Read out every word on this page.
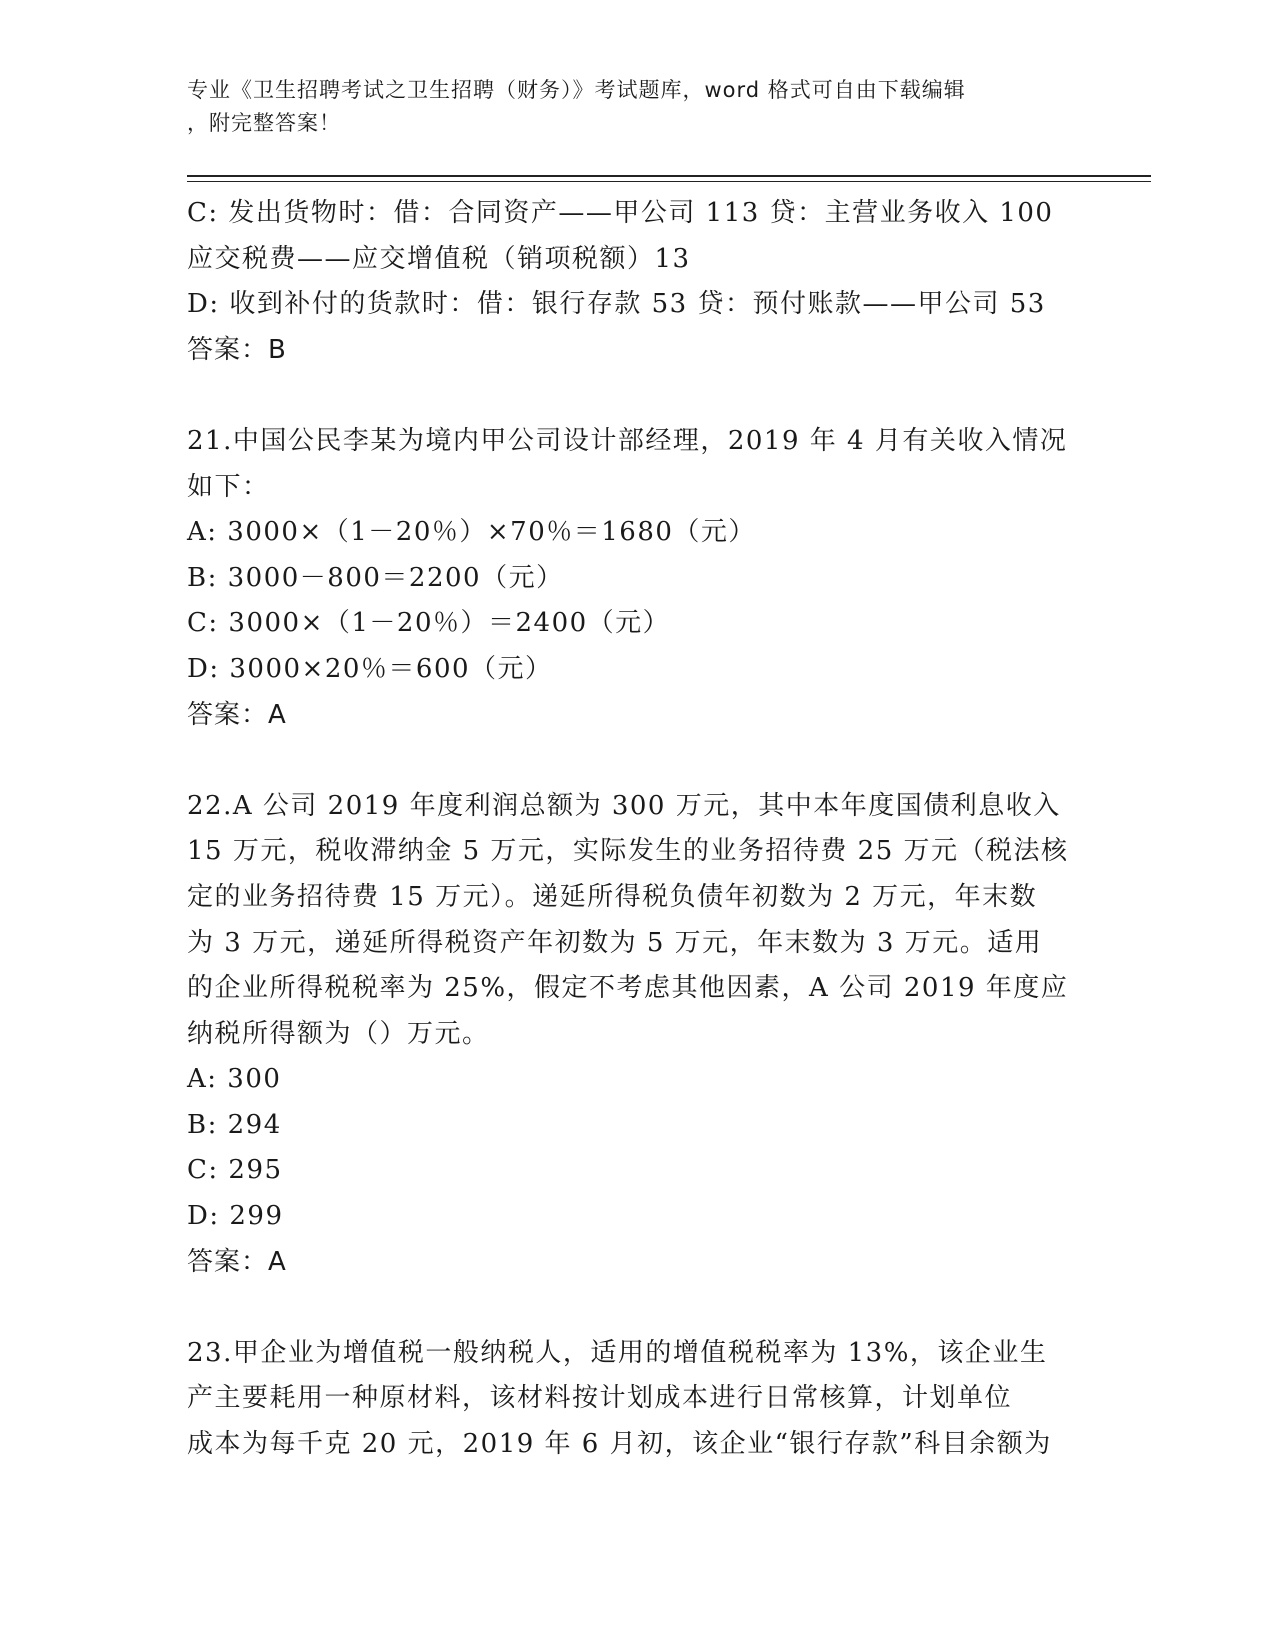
专业《卫生招聘考试之卫生招聘（财务）》考试题库，word 格式可自由下载编辑
，附完整答案！
C: 发出货物时：借：合同资产——甲公司 113 贷：主营业务收入 100
应交税费——应交增值税（销项税额）13
D: 收到补付的货款时：借：银行存款 53 贷：预付账款——甲公司 53
答案：B
21.中国公民李某为境内甲公司设计部经理，2019 年 4 月有关收入情况
如下：
A: 3000×（1－20％）×70％＝1680（元）
B: 3000－800＝2200（元）
C: 3000×（1－20％）＝2400（元）
D: 3000×20％＝600（元）
答案：A
22.A 公司 2019 年度利润总额为 300 万元，其中本年度国债利息收入
15 万元，税收滞纳金 5 万元，实际发生的业务招待费 25 万元（税法核
定的业务招待费 15 万元）。递延所得税负债年初数为 2 万元，年末数
为 3 万元，递延所得税资产年初数为 5 万元，年末数为 3 万元。适用
的企业所得税税率为 25%，假定不考虑其他因素，A 公司 2019 年度应
纳税所得额为（）万元。
A: 300
B: 294
C: 295
D: 299
答案：A
23.甲企业为增值税一般纳税人，适用的增值税税率为 13%，该企业生
产主要耗用一种原材料，该材料按计划成本进行日常核算，计划单位
成本为每千克 20 元，2019 年 6 月初，该企业“银行存款”科目余额为
